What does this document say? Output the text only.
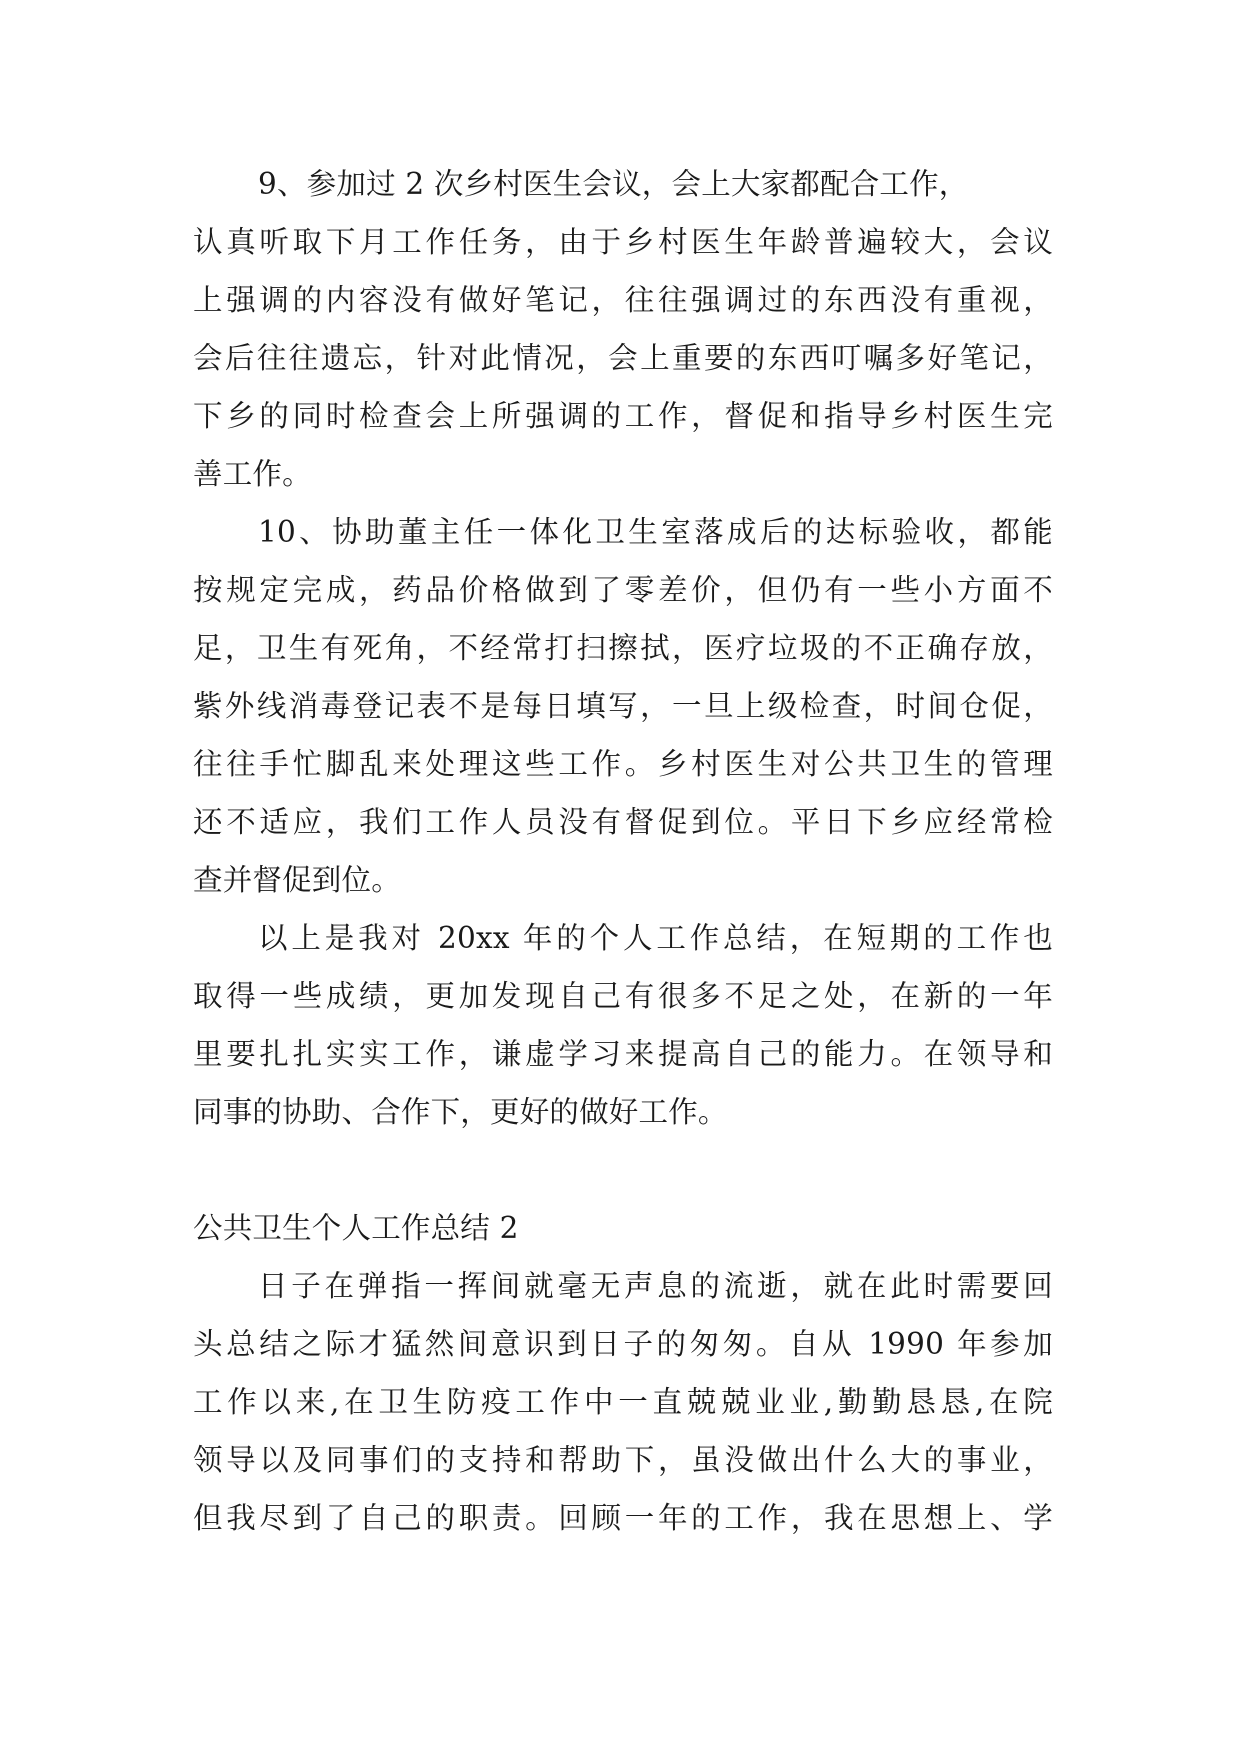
9、参加过 2 次乡村医生会议，会上大家都配合工作，
认真听取下月工作任务，由于乡村医生年龄普遍较大，会议
上强调的内容没有做好笔记，往往强调过的东西没有重视，
会后往往遗忘，针对此情况，会上重要的东西叮嘱多好笔记，
下乡的同时检查会上所强调的工作，督促和指导乡村医生完
善工作。
10、协助董主任一体化卫生室落成后的达标验收，都能
按规定完成，药品价格做到了零差价，但仍有一些小方面不
足，卫生有死角，不经常打扫擦拭，医疗垃圾的不正确存放，
紫外线消毒登记表不是每日填写，一旦上级检查，时间仓促，
往往手忙脚乱来处理这些工作。乡村医生对公共卫生的管理
还不适应，我们工作人员没有督促到位。平日下乡应经常检
查并督促到位。
以上是我对 20xx 年的个人工作总结，在短期的工作也
取得一些成绩，更加发现自己有很多不足之处，在新的一年
里要扎扎实实工作，谦虚学习来提高自己的能力。在领导和
同事的协助、合作下，更好的做好工作。
公共卫生个人工作总结 2
日子在弹指一挥间就毫无声息的流逝，就在此时需要回
头总结之际才猛然间意识到日子的匆匆。自从 1990 年参加
工作以来,在卫生防疫工作中一直兢兢业业,勤勤恳恳,在院
领导以及同事们的支持和帮助下，虽没做出什么大的事业，
但我尽到了自己的职责。回顾一年的工作，我在思想上、学
